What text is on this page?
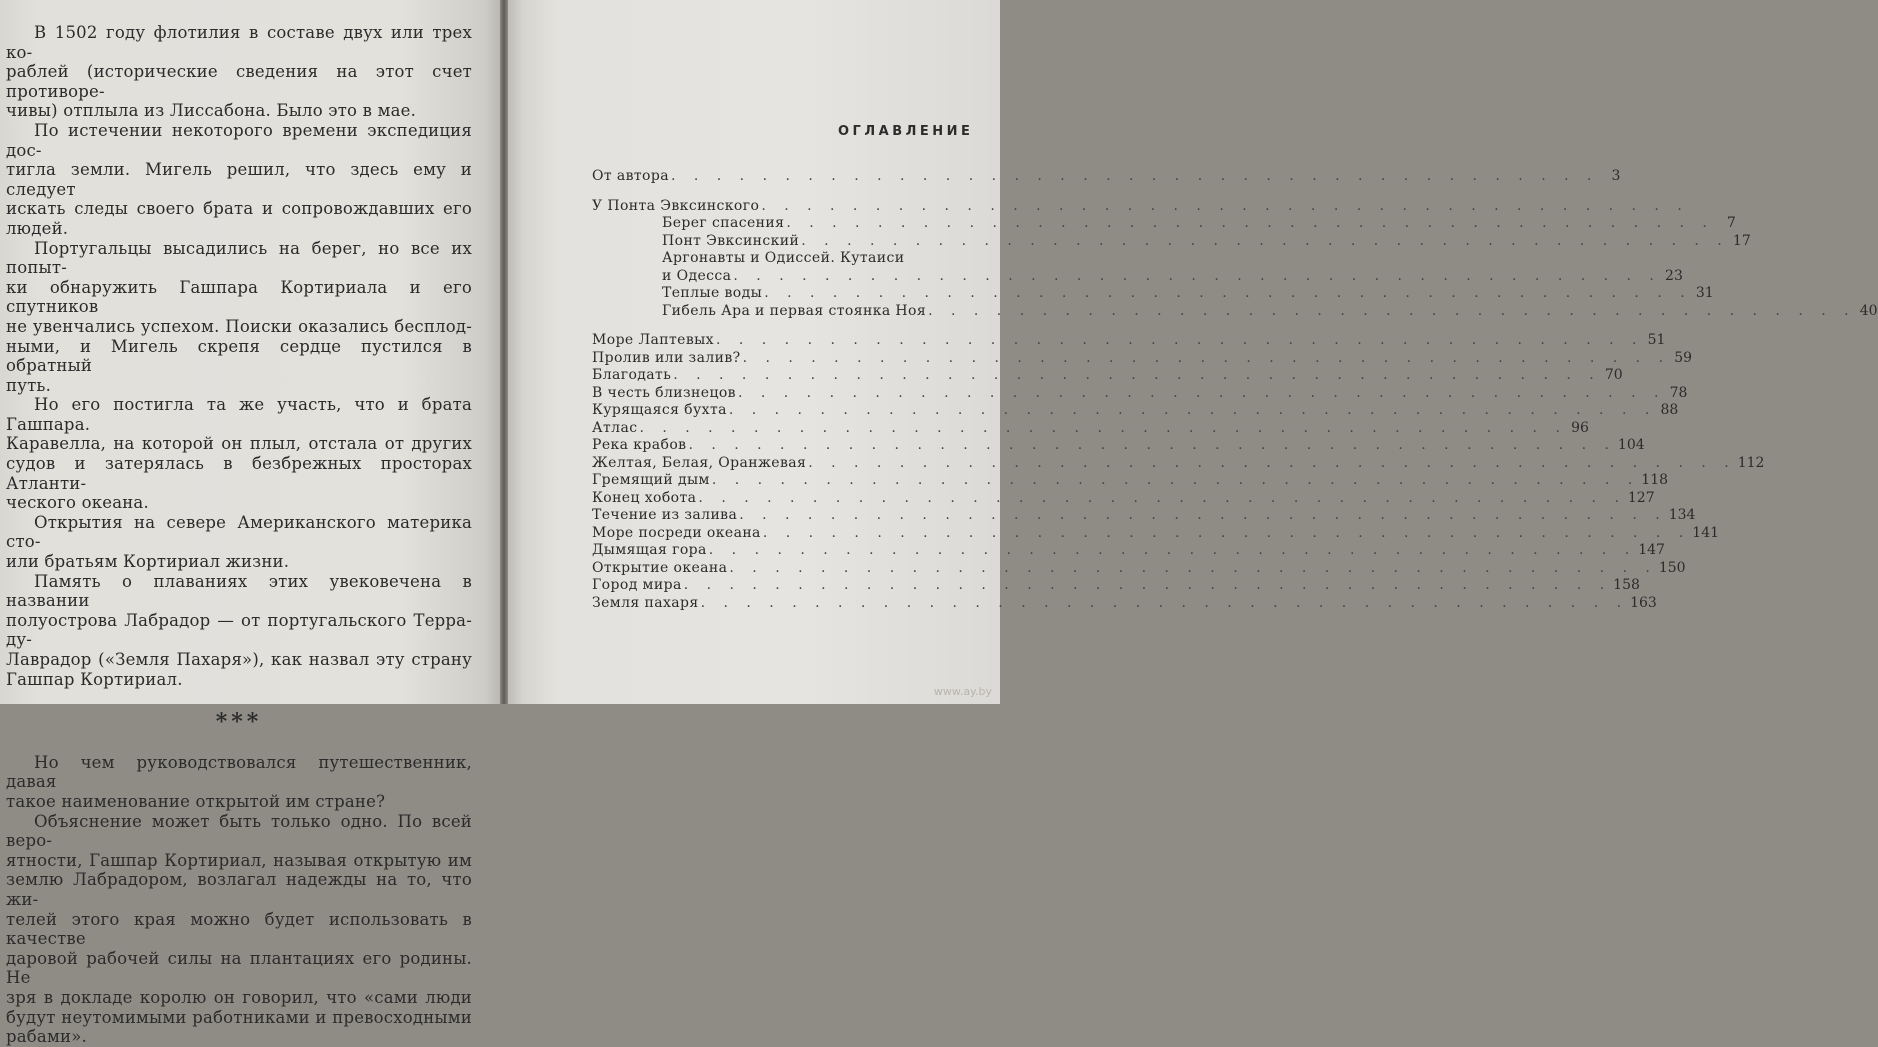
В 1502 году флотилия в составе двух или трех ко-
раблей (исторические сведения на этот счет противоре-
чивы) отплыла из Лиссабона. Было это в мае.

По истечении некоторого времени экспедиция дос-
тигла земли. Мигель решил, что здесь ему и следует
искать следы своего брата и сопровождавших его
людей.

Португальцы высадились на берег, но все их попыт-
ки обнаружить Гашпара Кортириала и его спутников
не увенчались успехом. Поиски оказались бесплод-
ными, и Мигель скрепя сердце пустился в обратный
путь.

Но его постигла та же участь, что и брата Гашпара.
Каравелла, на которой он плыл, отстала от других
судов и затерялась в безбрежных просторах Атланти-
ческого океана.

Открытия на севере Американского материка сто-
или братьям Кортириал жизни.

Память о плаваниях этих увековечена в названии
полуострова Лабрадор — от португальского Терра-ду-
Лаврадор («Земля Пахаря»), как назвал эту страну
Гашпар Кортириал.

***

Но чем руководствовался путешественник, давая
такое наименование открытой им стране?

Объяснение может быть только одно. По всей веро-
ятности, Гашпар Кортириал, называя открытую им
землю Лабрадором, возлагал надежды на то, что жи-
телей этого края можно будет использовать в качестве
даровой рабочей силы на плантациях его родины. Не
зря в докладе королю он говорил, что «сами люди
будут неутомимыми работниками и превосходными
рабами».

ОГЛАВЛЕНИЕ
От автора . . . . . . . . . . . . . . . . . . . . . . . . . . . . . . . . . . . . . . . . . 3
У Понта Эвксинского . . . . . . . . . . . . . . . . . . . . . . . . . . . . . . . . . . . . . . . . .
Берег спасения . . . . . . . . . . . . . . . . . . . . . . . . . . . . . . . . . . . . . . . . . 7
Понт Эвксинский . . . . . . . . . . . . . . . . . . . . . . . . . . . . . . . . . . . . . . . . . 17
Аргонавты и Одиссей. Кутаиси
и Одесса . . . . . . . . . . . . . . . . . . . . . . . . . . . . . . . . . . . . . . . . . 23
Теплые воды . . . . . . . . . . . . . . . . . . . . . . . . . . . . . . . . . . . . . . . . . 31
Гибель Ара и первая стоянка Ноя . . . . . . . . . . . . . . . . . . . . . . . . . . . . . . . . . . . . . . . . . 40
Море Лаптевых . . . . . . . . . . . . . . . . . . . . . . . . . . . . . . . . . . . . . . . . . 51
Пролив или залив? . . . . . . . . . . . . . . . . . . . . . . . . . . . . . . . . . . . . . . . . . 59
Благодать . . . . . . . . . . . . . . . . . . . . . . . . . . . . . . . . . . . . . . . . . 70
В честь близнецов . . . . . . . . . . . . . . . . . . . . . . . . . . . . . . . . . . . . . . . . . 78
Курящаяся бухта . . . . . . . . . . . . . . . . . . . . . . . . . . . . . . . . . . . . . . . . . 88
Атлас . . . . . . . . . . . . . . . . . . . . . . . . . . . . . . . . . . . . . . . . . 96
Река крабов . . . . . . . . . . . . . . . . . . . . . . . . . . . . . . . . . . . . . . . . . 104
Желтая, Белая, Оранжевая . . . . . . . . . . . . . . . . . . . . . . . . . . . . . . . . . . . . . . . . . 112
Гремящий дым . . . . . . . . . . . . . . . . . . . . . . . . . . . . . . . . . . . . . . . . . 118
Конец хобота . . . . . . . . . . . . . . . . . . . . . . . . . . . . . . . . . . . . . . . . . 127
Течение из залива . . . . . . . . . . . . . . . . . . . . . . . . . . . . . . . . . . . . . . . . . 134
Море посреди океана . . . . . . . . . . . . . . . . . . . . . . . . . . . . . . . . . . . . . . . . . 141
Дымящая гора . . . . . . . . . . . . . . . . . . . . . . . . . . . . . . . . . . . . . . . . . 147
Открытие океана . . . . . . . . . . . . . . . . . . . . . . . . . . . . . . . . . . . . . . . . . 150
Город мира . . . . . . . . . . . . . . . . . . . . . . . . . . . . . . . . . . . . . . . . . 158
Земля пахаря . . . . . . . . . . . . . . . . . . . . . . . . . . . . . . . . . . . . . . . . . 163
www.ay.by
